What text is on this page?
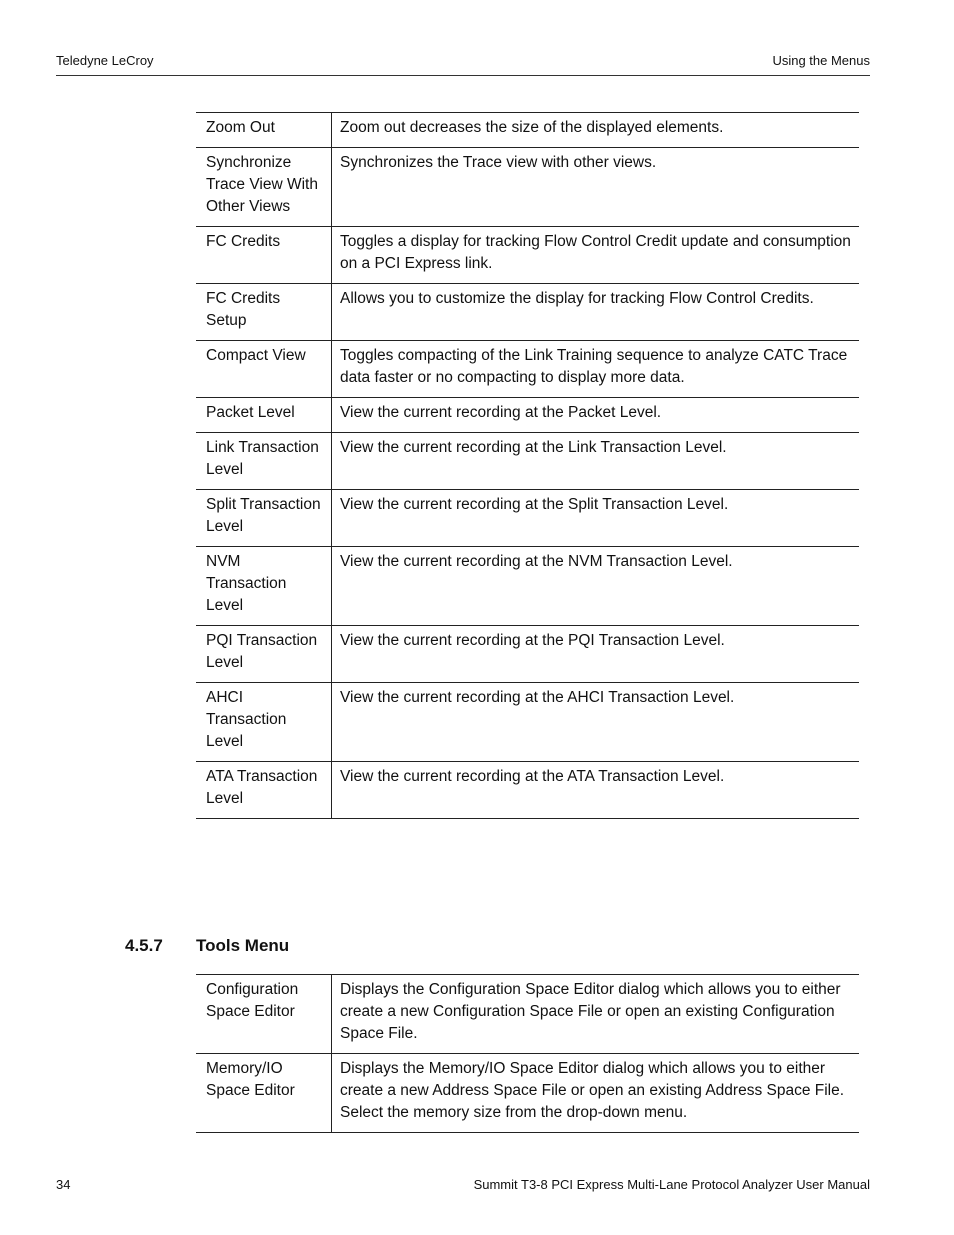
Teledyne LeCroy	Using the Menus
Zoom Out	Zoom out decreases the size of the displayed elements.
Synchronize Trace View With Other Views	Synchronizes the Trace view with other views.
FC Credits	Toggles a display for tracking Flow Control Credit update and consumption on a PCI Express link.
FC Credits Setup	Allows you to customize the display for tracking Flow Control Credits.
Compact View	Toggles compacting of the Link Training sequence to analyze CATC Trace data faster or no compacting to display more data.
Packet Level	View the current recording at the Packet Level.
Link Transaction Level	View the current recording at the Link Transaction Level.
Split Transaction Level	View the current recording at the Split Transaction Level.
NVM Transaction Level	View the current recording at the NVM Transaction Level.
PQI Transaction Level	View the current recording at the PQI Transaction Level.
AHCI Transaction Level	View the current recording at the AHCI Transaction Level.
ATA Transaction Level	View the current recording at the ATA Transaction Level.
4.5.7 Tools Menu
Configuration Space Editor	Displays the Configuration Space Editor dialog which allows you to either create a new Configuration Space File or open an existing Configuration Space File.
Memory/IO Space Editor	Displays the Memory/IO Space Editor dialog which allows you to either create a new Address Space File or open an existing Address Space File. Select the memory size from the drop-down menu.
34	Summit T3-8 PCI Express Multi-Lane Protocol Analyzer User Manual
